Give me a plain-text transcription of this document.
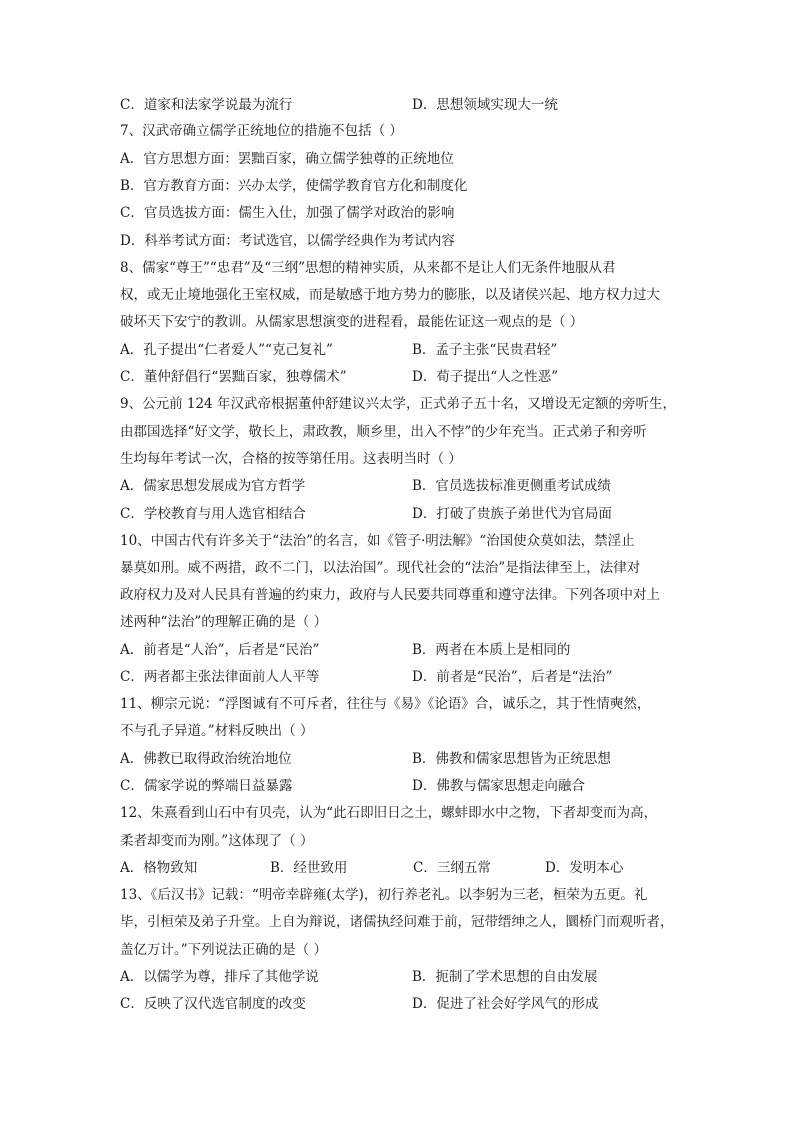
C．道家和法家学说最为流行	D．思想领域实现大一统
7、汉武帝确立儒学正统地位的措施不包括（ ）
A．官方思想方面：罢黜百家，确立儒学独尊的正统地位
B．官方教育方面：兴办太学，使儒学教育官方化和制度化
C．官员选拔方面：儒生入仕，加强了儒学对政治的影响
D．科举考试方面：考试选官，以儒学经典作为考试内容
8、儒家“尊王”“忠君”及“三纲”思想的精神实质，从来都不是让人们无条件地服从君
权，或无止境地强化王室权威，而是敏感于地方势力的膨胀，以及诸侯兴起、地方权力过大
破坏天下安宁的教训。从儒家思想演变的进程看，最能佐证这一观点的是（ ）
A．孔子提出“仁者爱人”“克己复礼”	B．孟子主张“民贵君轻”
C．董仲舒倡行“罢黜百家，独尊儒术”	D．荀子提出“人之性恶”
9、公元前 124 年汉武帝根据董仲舒建议兴太学，正式弟子五十名，又增设无定额的旁听生，
由郡国选择“好文学，敬长上，肃政教，顺乡里，出入不悖”的少年充当。正式弟子和旁听
生均每年考试一次，合格的按等第任用。这表明当时（ ）
A．儒家思想发展成为官方哲学	B．官员选拔标准更侧重考试成绩
C．学校教育与用人选官相结合	D．打破了贵族子弟世代为官局面
10、中国古代有许多关于“法治”的名言，如《管子·明法解》“治国使众莫如法，禁淫止
暴莫如刑。威不两措，政不二门，以法治国”。现代社会的“法治”是指法律至上，法律对
政府权力及对人民具有普遍的约束力，政府与人民要共同尊重和遵守法律。下列各项中对上
述两种“法治”的理解正确的是（ ）
A．前者是“人治”，后者是“民治”	B．两者在本质上是相同的
C．两者都主张法律面前人人平等	D．前者是“民治”，后者是“法治”
11、柳宗元说：“浮图诚有不可斥者，往往与《易》《论语》合，诚乐之，其于性情奭然，
不与孔子异道。”材料反映出（ ）
A．佛教已取得政治统治地位	B．佛教和儒家思想皆为正统思想
C．儒家学说的弊端日益暴露	D．佛教与儒家思想走向融合
12、朱熹看到山石中有贝壳，认为“此石即旧日之土，螺蚌即水中之物，下者却变而为高，
柔者却变而为刚。”这体现了（ ）
A．格物致知	B．经世致用	C．三纲五常	D．发明本心
13、《后汉书》记载：“明帝幸辟雍(太学)，初行养老礼。以李躬为三老，桓荣为五更。礼
毕，引桓荣及弟子升堂。上自为辩说，诸儒执经问难于前，冠带缙绅之人，圜桥门而观听者，
盖亿万计。”下列说法正确的是（ ）
A．以儒学为尊，排斥了其他学说	B．扼制了学术思想的自由发展
C．反映了汉代选官制度的改变	D．促进了社会好学风气的形成
